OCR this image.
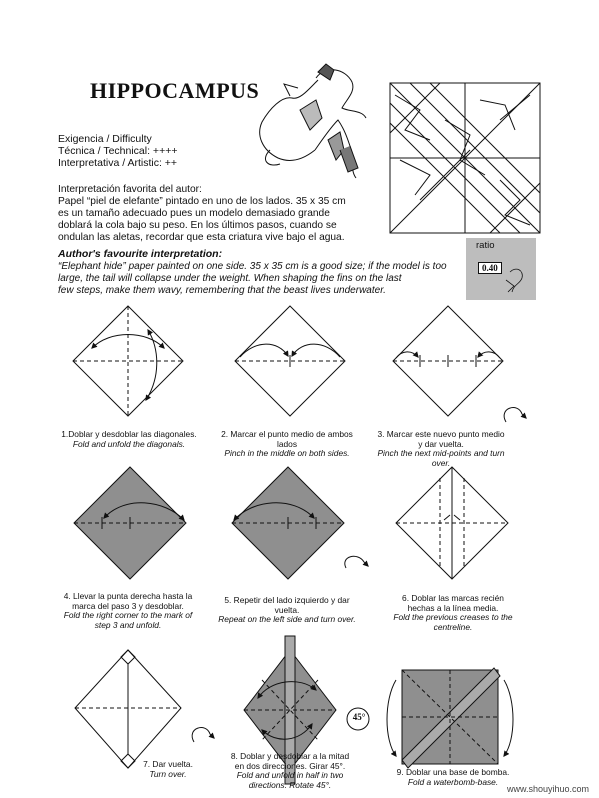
HIPPOCAMPUS
Exigencia / Difficulty
Técnica / Technical: ++++
Interpretativa / Artistic: ++
Interpretación favorita del autor:
Papel “piel de elefante” pintado en uno de los lados. 35 x 35 cm
es un tamaño adecuado pues un modelo demasiado grande
doblará la cola bajo su peso. En los últimos pasos, cuando se
ondulan las aletas, recordar que esta criatura vive bajo el agua.
Author's favourite interpretation:
“Elephant hide” paper painted on one side. 35 x 35 cm is a good size; if the model is too
large, the tail will collapse under the weight. When shaping the fins on the last
few steps, make them wavy, remembering that the beast lives underwater.
ratio
0.40
45°
1.Doblar y desdoblar las diagonales.
Fold and unfold the diagonals.
2. Marcar el punto medio de ambos lados
Pinch in the middle on both sides.
3. Marcar este nuevo punto medio y dar vuelta.
Pinch the next mid-points and turn over.
4. Llevar la punta derecha hasta la marca del paso 3 y desdoblar.
Fold the right corner to the mark of step 3 and unfold.
5. Repetir del lado izquierdo y dar vuelta.
Repeat on the left side and turn over.
6. Doblar las marcas recién hechas a la línea media.
Fold the previous creases to the centreline.
7. Dar vuelta.
Turn over.
8. Doblar y desdoblar a la mitad en dos direcciones. Girar 45°.
Fold and unfold in half in two directions. Rotate 45°.
9. Doblar una base de bomba.
Fold a waterbomb-base.
www.shouyihuo.com
